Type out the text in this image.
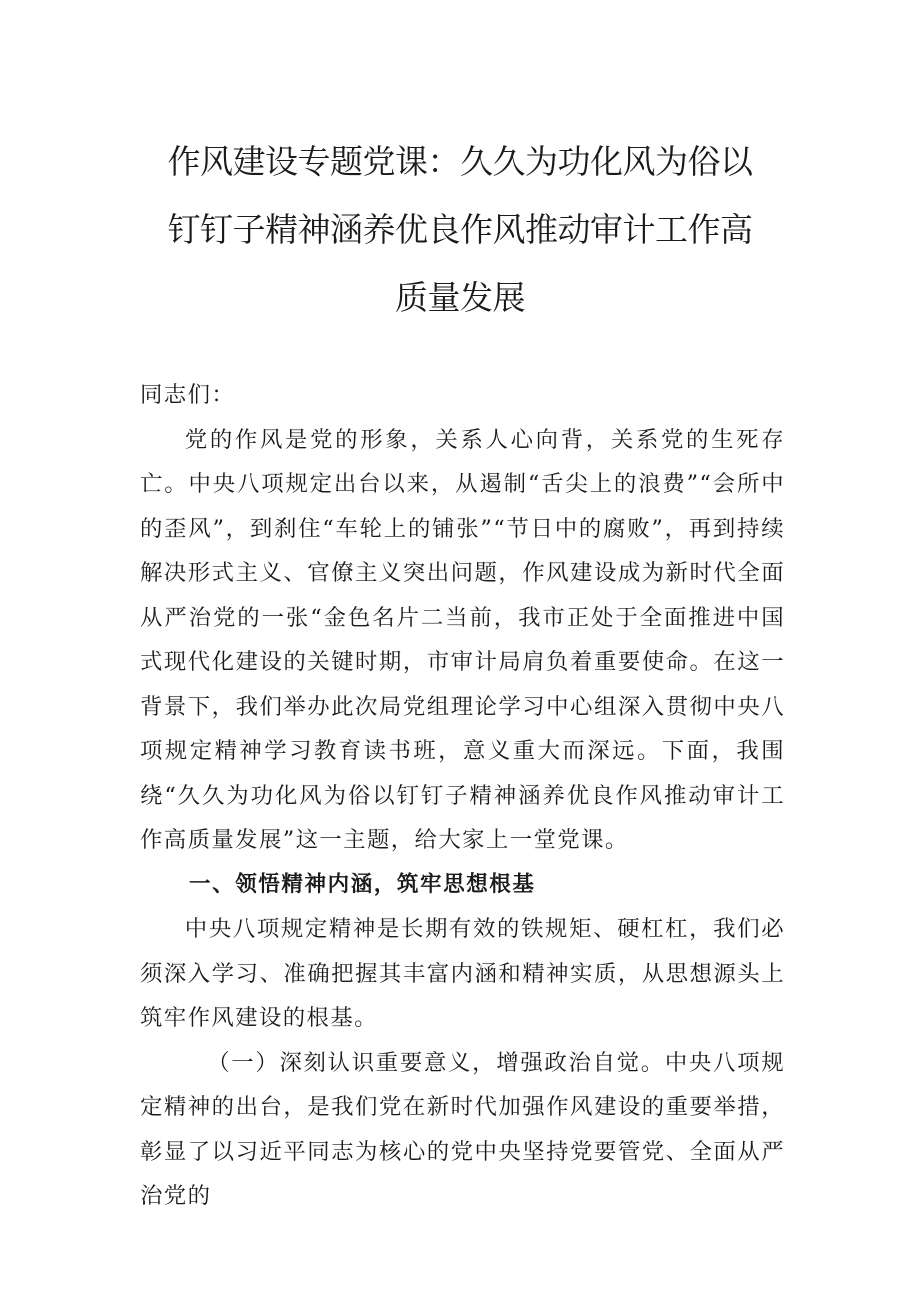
作风建设专题党课：久久为功化风为俗以
钉钉子精神涵养优良作风推动审计工作高
质量发展

同志们：

党的作风是党的形象，关系人心向背，关系党的生死存亡。中央八项规定出台以来，从遏制“舌尖上的浪费”“会所中的歪风”，到刹住“车轮上的铺张”“节日中的腐败”，再到持续解决形式主义、官僚主义突出问题，作风建设成为新时代全面从严治党的一张“金色名片二当前，我市正处于全面推进中国式现代化建设的关键时期，市审计局肩负着重要使命。在这一背景下，我们举办此次局党组理论学习中心组深入贯彻中央八项规定精神学习教育读书班，意义重大而深远。下面，我围绕“久久为功化风为俗以钉钉子精神涵养优良作风推动审计工作高质量发展”这一主题，给大家上一堂党课。

一、领悟精神内涵，筑牢思想根基

中央八项规定精神是长期有效的铁规矩、硬杠杠，我们必须深入学习、准确把握其丰富内涵和精神实质，从思想源头上筑牢作风建设的根基。

（一）深刻认识重要意义，增强政治自觉。中央八项规定精神的出台，是我们党在新时代加强作风建设的重要举措，彰显了以习近平同志为核心的党中央坚持党要管党、全面从严治党的
